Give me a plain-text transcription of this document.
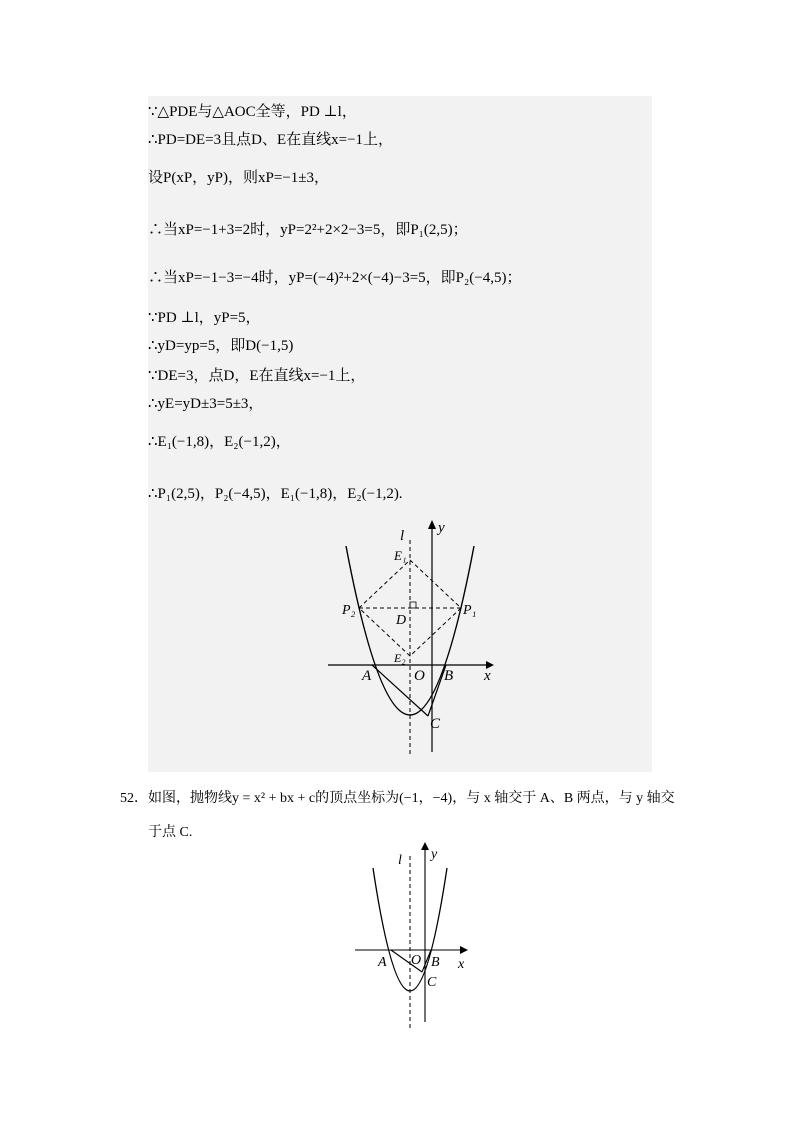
∵△PDE与△AOC全等，PD ⊥l，
∴PD=DE=3且点D、E在直线x=−1上，
设P(xP，yP)，则xP=−1±3，
∴当xP=−1+3=2时，yP=2²+2×2−3=5，即P₁(2,5)；
∴当xP=−1−3=−4时，yP=(−4)²+2×(−4)−3=5，即P₂(−4,5)；
∵PD ⊥l，yP=5，
∴yD=yp=5，即D(−1,5)
∵DE=3，点D，E在直线x=−1上，
∴yE=yD±3=5±3，
∴E₁(−1,8)，E₂(−1,2)，
∴P₁(2,5)，P₂(−4,5)，E₁(−1,8)，E₂(−1,2).
l y
x
E₁
P₂	P₁
D
E₂
A	O B
C
52．如图，抛物线y = x² + bx + c的顶点坐标为(−1，−4)，与 x 轴交于 A、B 两点，与 y 轴交
于点 C.
l y
x
A O B
C
